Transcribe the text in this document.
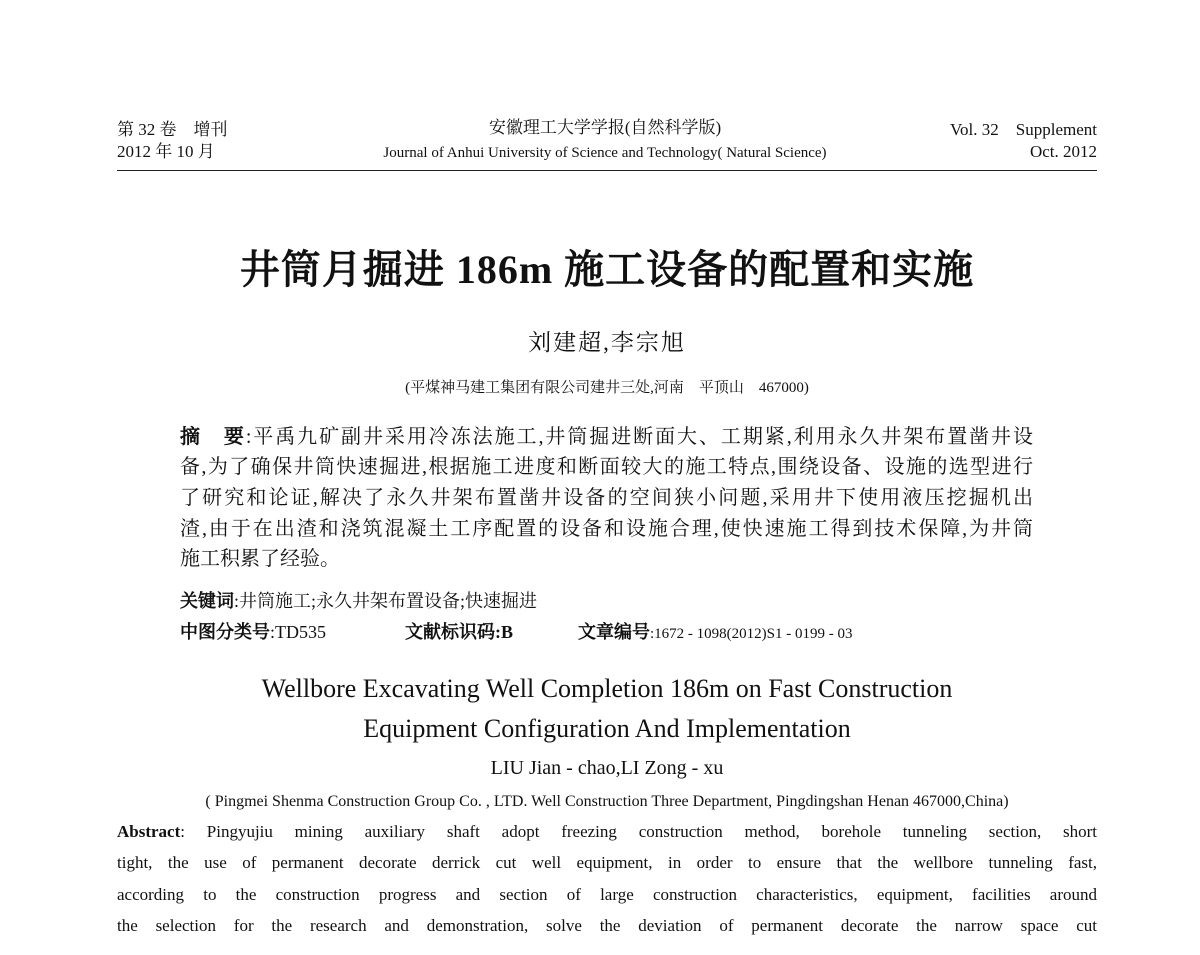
第 32 卷　增刊
2012 年 10 月
安徽理工大学学报(自然科学版)
Journal of Anhui University of Science and Technology( Natural Science)
Vol. 32　Supplement
Oct. 2012
井筒月掘进 186m 施工设备的配置和实施
刘建超,李宗旭
(平煤神马建工集团有限公司建井三处,河南　平顶山　467000)
摘　要:平禹九矿副井采用冷冻法施工,井筒掘进断面大、工期紧,利用永久井架布置凿井设
备,为了确保井筒快速掘进,根据施工进度和断面较大的施工特点,围绕设备、设施的选型进行
了研究和论证,解决了永久井架布置凿井设备的空间狭小问题,采用井下使用液压挖掘机出
渣,由于在出渣和浇筑混凝土工序配置的设备和设施合理,使快速施工得到技术保障,为井筒
施工积累了经验。
关键词:井筒施工;永久井架布置设备;快速掘进
中图分类号:TD535	文献标识码:B	文章编号:1672 - 1098(2012)S1 - 0199 - 03
Wellbore Excavating Well Completion 186m on Fast Construction
Equipment Configuration And Implementation
LIU Jian - chao,LI Zong - xu
( Pingmei Shenma Construction Group Co. , LTD. Well Construction Three Department, Pingdingshan Henan 467000,China)
Abstract: Pingyujiu mining auxiliary shaft adopt freezing construction method, borehole tunneling section, short
tight, the use of permanent decorate derrick cut well equipment, in order to ensure that the wellbore tunneling fast,
according to the construction progress and section of large construction characteristics, equipment, facilities around
the selection for the research and demonstration, solve the deviation of permanent decorate the narrow space cut
